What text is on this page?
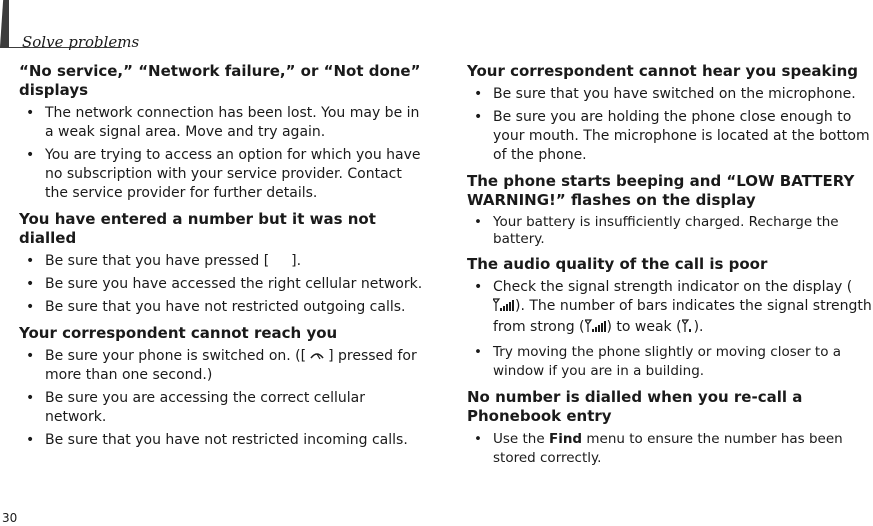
Solve problems
“No service,” “Network failure,” or “Not done” displays
• The network connection has been lost. You may be in a weak signal area. Move and try again.
• You are trying to access an option for which you have no subscription with your service provider. Contact the service provider for further details.
You have entered a number but it was not dialled
• Be sure that you have pressed [ ].
• Be sure you have accessed the right cellular network.
• Be sure that you have not restricted outgoing calls.
Your correspondent cannot reach you
• Be sure your phone is switched on. ([ ] pressed for more than one second.)
• Be sure you are accessing the correct cellular network.
• Be sure that you have not restricted incoming calls.
Your correspondent cannot hear you speaking
• Be sure that you have switched on the microphone.
• Be sure you are holding the phone close enough to your mouth. The microphone is located at the bottom of the phone.
The phone starts beeping and “LOW BATTERY WARNING!” flashes on the display
• Your battery is insufficiently charged. Recharge the battery.
The audio quality of the call is poor
• Check the signal strength indicator on the display (). The number of bars indicates the signal strength from strong ( ) to weak ( ).
• Try moving the phone slightly or moving closer to a window if you are in a building.
No number is dialled when you re-call a Phonebook entry
• Use the Find menu to ensure the number has been stored correctly.
30
